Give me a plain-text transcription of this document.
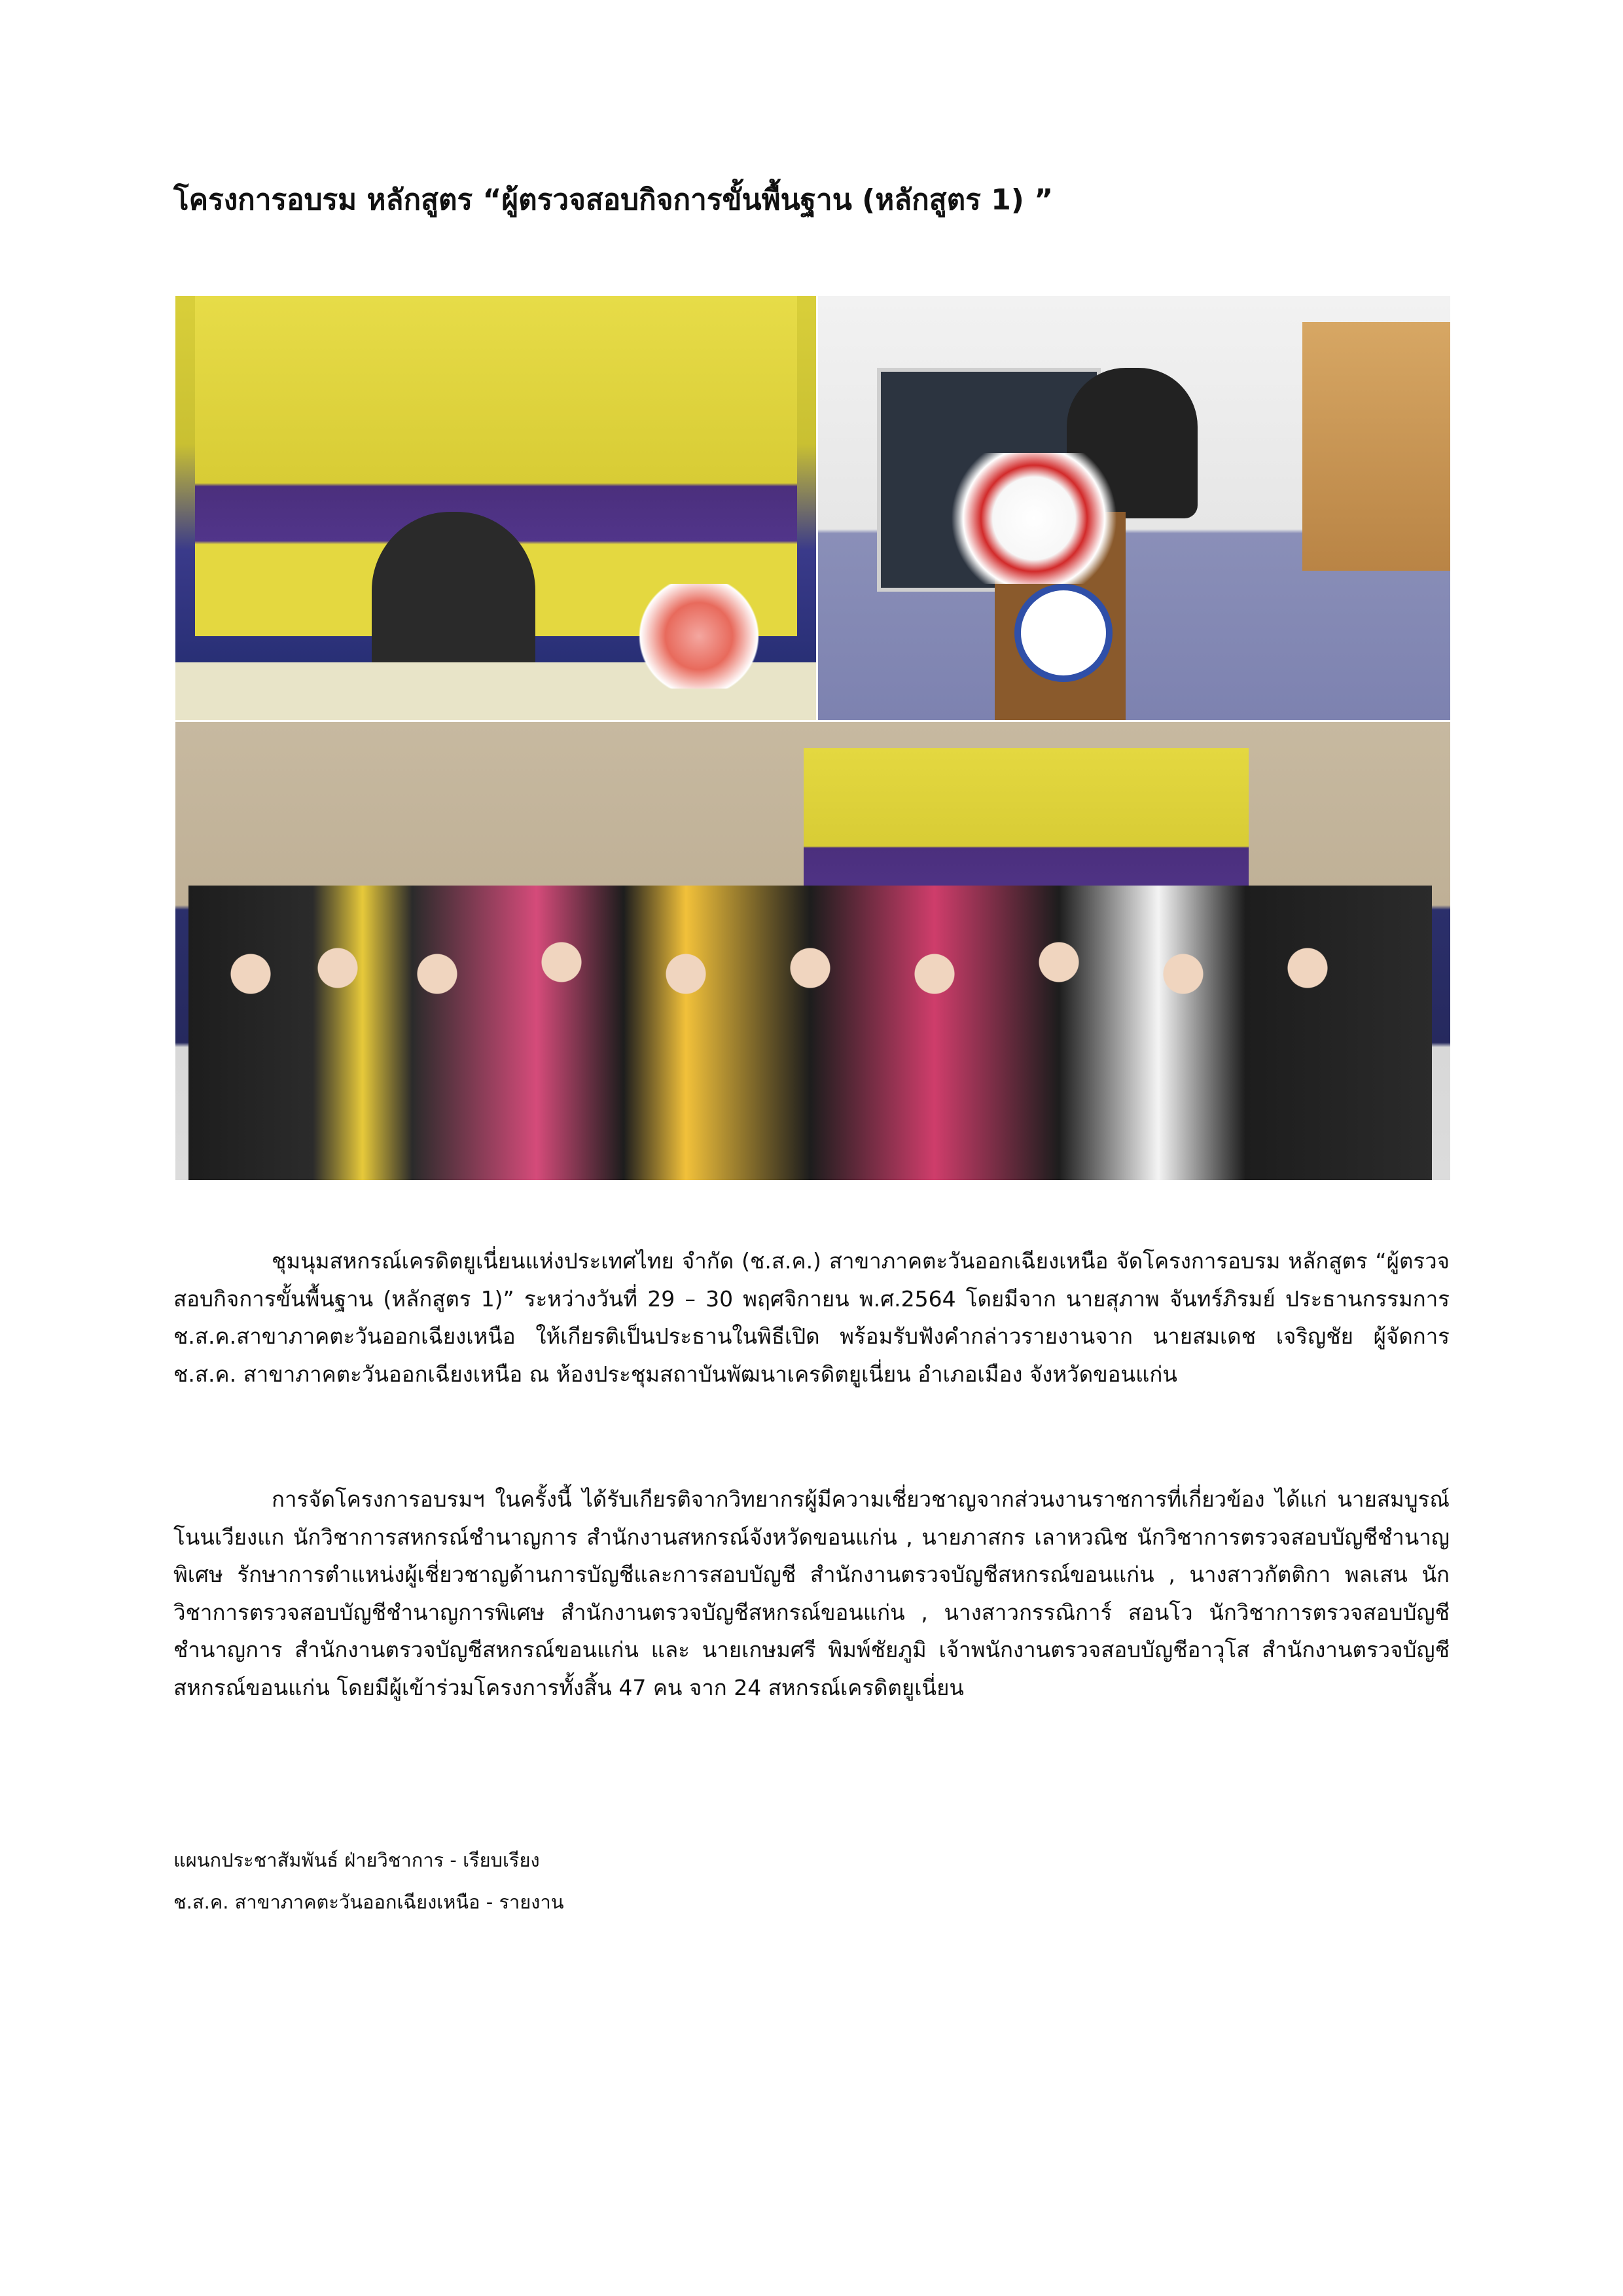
โครงการอบรม หลักสูตร “ผู้ตรวจสอบกิจการขั้นพื้นฐาน (หลักสูตร 1) ”

ชุมนุมสหกรณ์เครดิตยูเนี่ยนแห่งประเทศไทย จำกัด (ช.ส.ค.) สาขาภาคตะวันออกเฉียงเหนือ จัดโครงการอบรม หลักสูตร “ผู้ตรวจสอบกิจการขั้นพื้นฐาน (หลักสูตร 1)” ระหว่างวันที่ 29 – 30 พฤศจิกายน พ.ศ.2564 โดยมีจาก นายสุภาพ จันทร์ภิรมย์ ประธานกรรมการ ช.ส.ค.สาขาภาคตะวันออกเฉียงเหนือ ให้เกียรติเป็นประธานในพิธีเปิด พร้อมรับฟังคำกล่าวรายงานจาก นายสมเดช เจริญชัย ผู้จัดการ ช.ส.ค. สาขาภาคตะวันออกเฉียงเหนือ ณ ห้องประชุมสถาบันพัฒนาเครดิตยูเนี่ยน อำเภอเมือง จังหวัดขอนแก่น

การจัดโครงการอบรมฯ ในครั้งนี้ ได้รับเกียรติจากวิทยากรผู้มีความเชี่ยวชาญจากส่วนงานราชการที่เกี่ยวข้อง ได้แก่ นายสมบูรณ์ โนนเวียงแก นักวิชาการสหกรณ์ชำนาญการ สำนักงานสหกรณ์จังหวัดขอนแก่น , นายภาสกร เลาหวณิช นักวิชาการตรวจสอบบัญชีชำนาญพิเศษ รักษาการตำแหน่งผู้เชี่ยวชาญด้านการบัญชีและการสอบบัญชี สำนักงานตรวจบัญชีสหกรณ์ขอนแก่น , นางสาวกัตติกา พลเสน นักวิชาการตรวจสอบบัญชีชำนาญการพิเศษ สำนักงานตรวจบัญชีสหกรณ์ขอนแก่น , นางสาวกรรณิการ์ สอนโว นักวิชาการตรวจสอบบัญชีชำนาญการ สำนักงานตรวจบัญชีสหกรณ์ขอนแก่น และ นายเกษมศรี พิมพ์ชัยภูมิ เจ้าพนักงานตรวจสอบบัญชีอาวุโส สำนักงานตรวจบัญชีสหกรณ์ขอนแก่น โดยมีผู้เข้าร่วมโครงการทั้งสิ้น 47 คน จาก 24 สหกรณ์เครดิตยูเนี่ยน

แผนกประชาสัมพันธ์ ฝ่ายวิชาการ - เรียบเรียง
ช.ส.ค. สาขาภาคตะวันออกเฉียงเหนือ - รายงาน
